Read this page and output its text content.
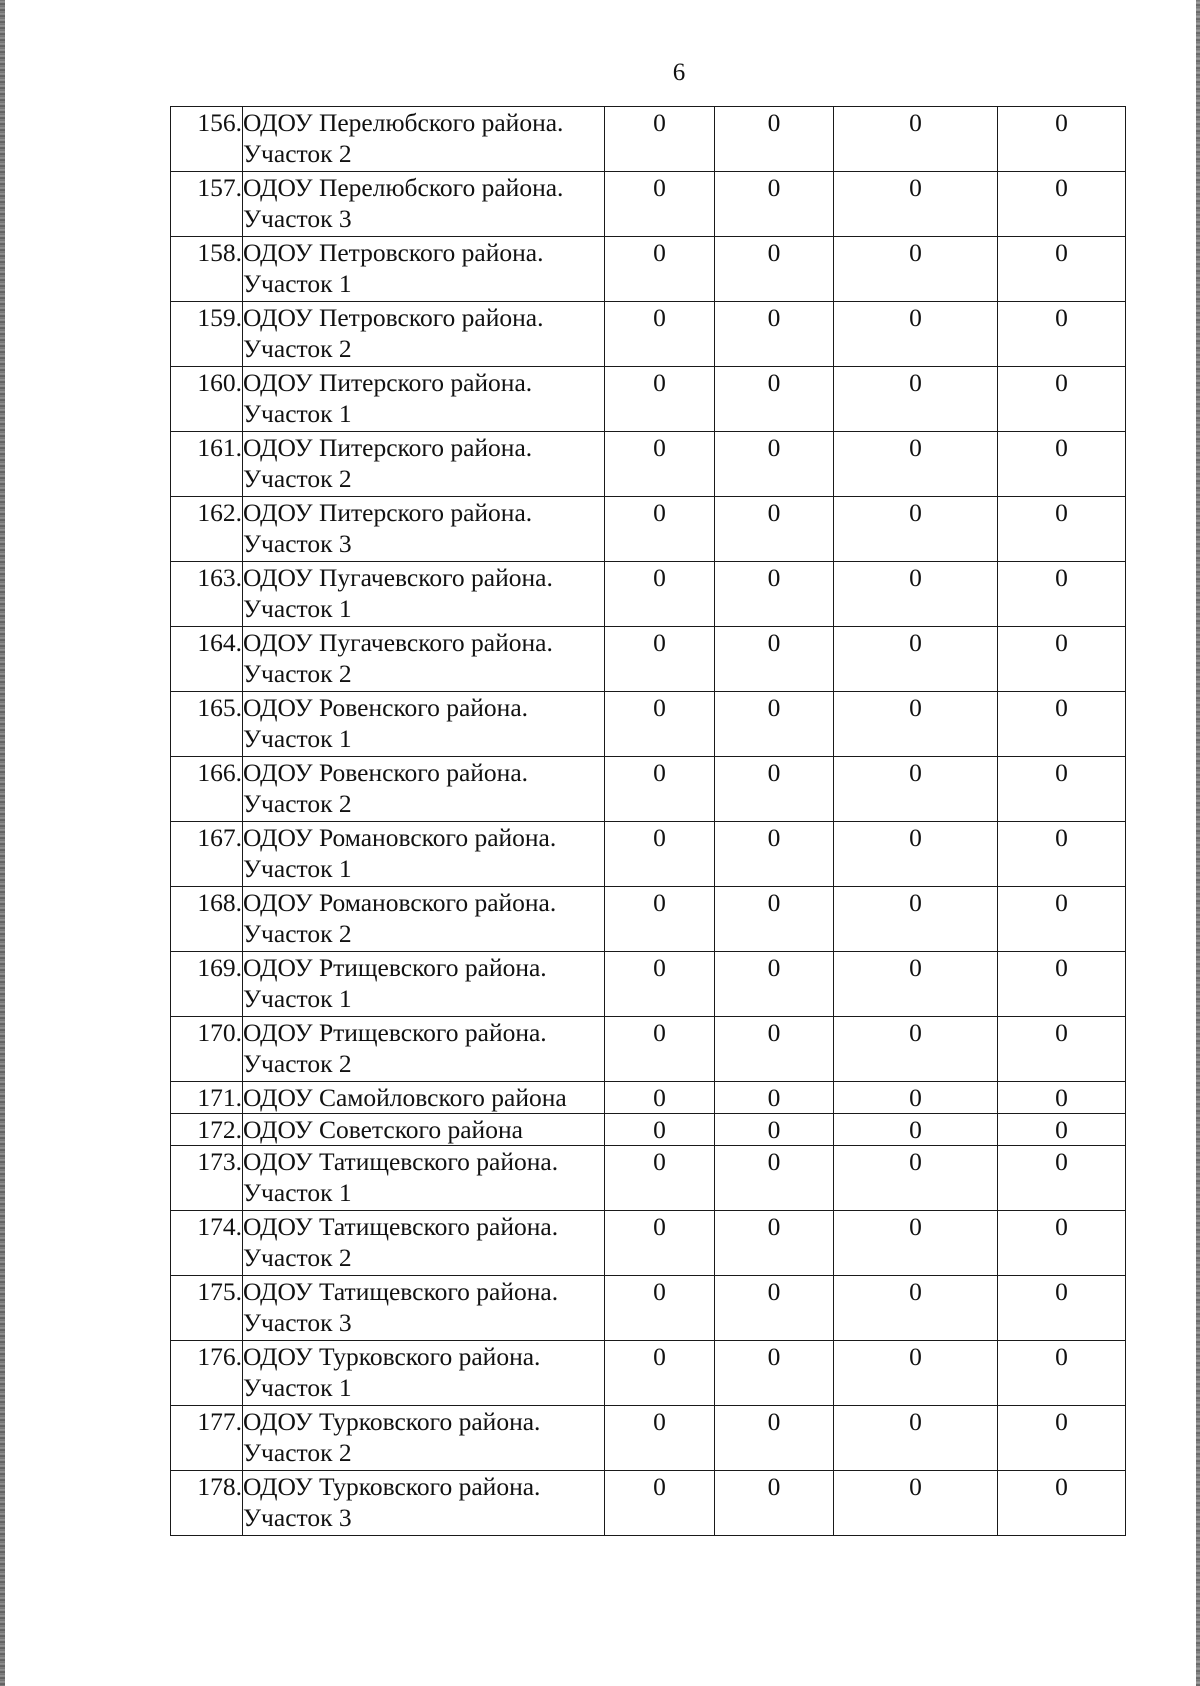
6
156.	ОДОУ Перелюбского района.
Участок 2	0	0	0	0
157.	ОДОУ Перелюбского района.
Участок 3	0	0	0	0
158.	ОДОУ Петровского района.
Участок 1	0	0	0	0
159.	ОДОУ Петровского района.
Участок 2	0	0	0	0
160.	ОДОУ Питерского района.
Участок 1	0	0	0	0
161.	ОДОУ Питерского района.
Участок 2	0	0	0	0
162.	ОДОУ Питерского района.
Участок 3	0	0	0	0
163.	ОДОУ Пугачевского района.
Участок 1	0	0	0	0
164.	ОДОУ Пугачевского района.
Участок 2	0	0	0	0
165.	ОДОУ Ровенского района.
Участок 1	0	0	0	0
166.	ОДОУ Ровенского района.
Участок 2	0	0	0	0
167.	ОДОУ Романовского района.
Участок 1	0	0	0	0
168.	ОДОУ Романовского района.
Участок 2	0	0	0	0
169.	ОДОУ Ртищевского района.
Участок 1	0	0	0	0
170.	ОДОУ Ртищевского района.
Участок 2	0	0	0	0
171.	ОДОУ Самойловского района	0	0	0	0
172.	ОДОУ Советского района	0	0	0	0
173.	ОДОУ Татищевского района.
Участок 1	0	0	0	0
174.	ОДОУ Татищевского района.
Участок 2	0	0	0	0
175.	ОДОУ Татищевского района.
Участок 3	0	0	0	0
176.	ОДОУ Турковского района.
Участок 1	0	0	0	0
177.	ОДОУ Турковского района.
Участок 2	0	0	0	0
178.	ОДОУ Турковского района.
Участок 3	0	0	0	0
